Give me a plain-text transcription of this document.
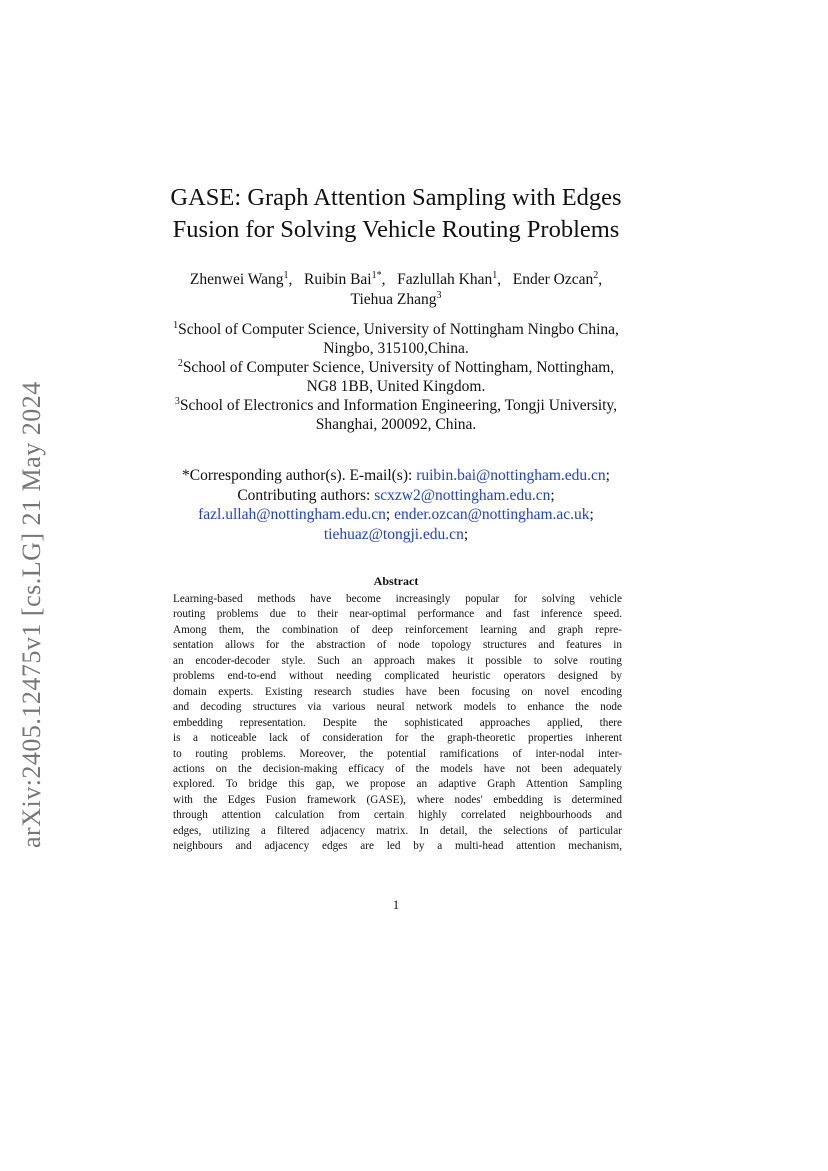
arXiv:2405.12475v1 [cs.LG] 21 May 2024
GASE: Graph Attention Sampling with Edges
Fusion for Solving Vehicle Routing Problems
Zhenwei Wang$^1$,   Ruibin Bai$^{1*}$,   Fazlullah Khan$^1$,   Ender Ozcan$^2$,
Tiehua Zhang$^3$
$^1$School of Computer Science, University of Nottingham Ningbo China,
Ningbo, 315100,China.
$^2$School of Computer Science, University of Nottingham, Nottingham,
NG8 1BB, United Kingdom.
$^3$School of Electronics and Information Engineering, Tongji University,
Shanghai, 200092, China.
*Corresponding author(s). E-mail(s): ruibin.bai@nottingham.edu.cn;
Contributing authors: scxzw2@nottingham.edu.cn;
fazl.ullah@nottingham.edu.cn; ender.ozcan@nottingham.ac.uk;
tiehuaz@tongji.edu.cn;
Abstract
Learning-based methods have become increasingly popular for solving vehicle
routing problems due to their near-optimal performance and fast inference speed.
Among them, the combination of deep reinforcement learning and graph repre-
sentation allows for the abstraction of node topology structures and features in
an encoder-decoder style. Such an approach makes it possible to solve routing
problems end-to-end without needing complicated heuristic operators designed by
domain experts. Existing research studies have been focusing on novel encoding
and decoding structures via various neural network models to enhance the node
embedding representation. Despite the sophisticated approaches applied, there
is a noticeable lack of consideration for the graph-theoretic properties inherent
to routing problems. Moreover, the potential ramifications of inter-nodal inter-
actions on the decision-making efficacy of the models have not been adequately
explored. To bridge this gap, we propose an adaptive Graph Attention Sampling
with the Edges Fusion framework (GASE), where nodes' embedding is determined
through attention calculation from certain highly correlated neighbourhoods and
edges, utilizing a filtered adjacency matrix. In detail, the selections of particular
neighbours and adjacency edges are led by a multi-head attention mechanism,
1
